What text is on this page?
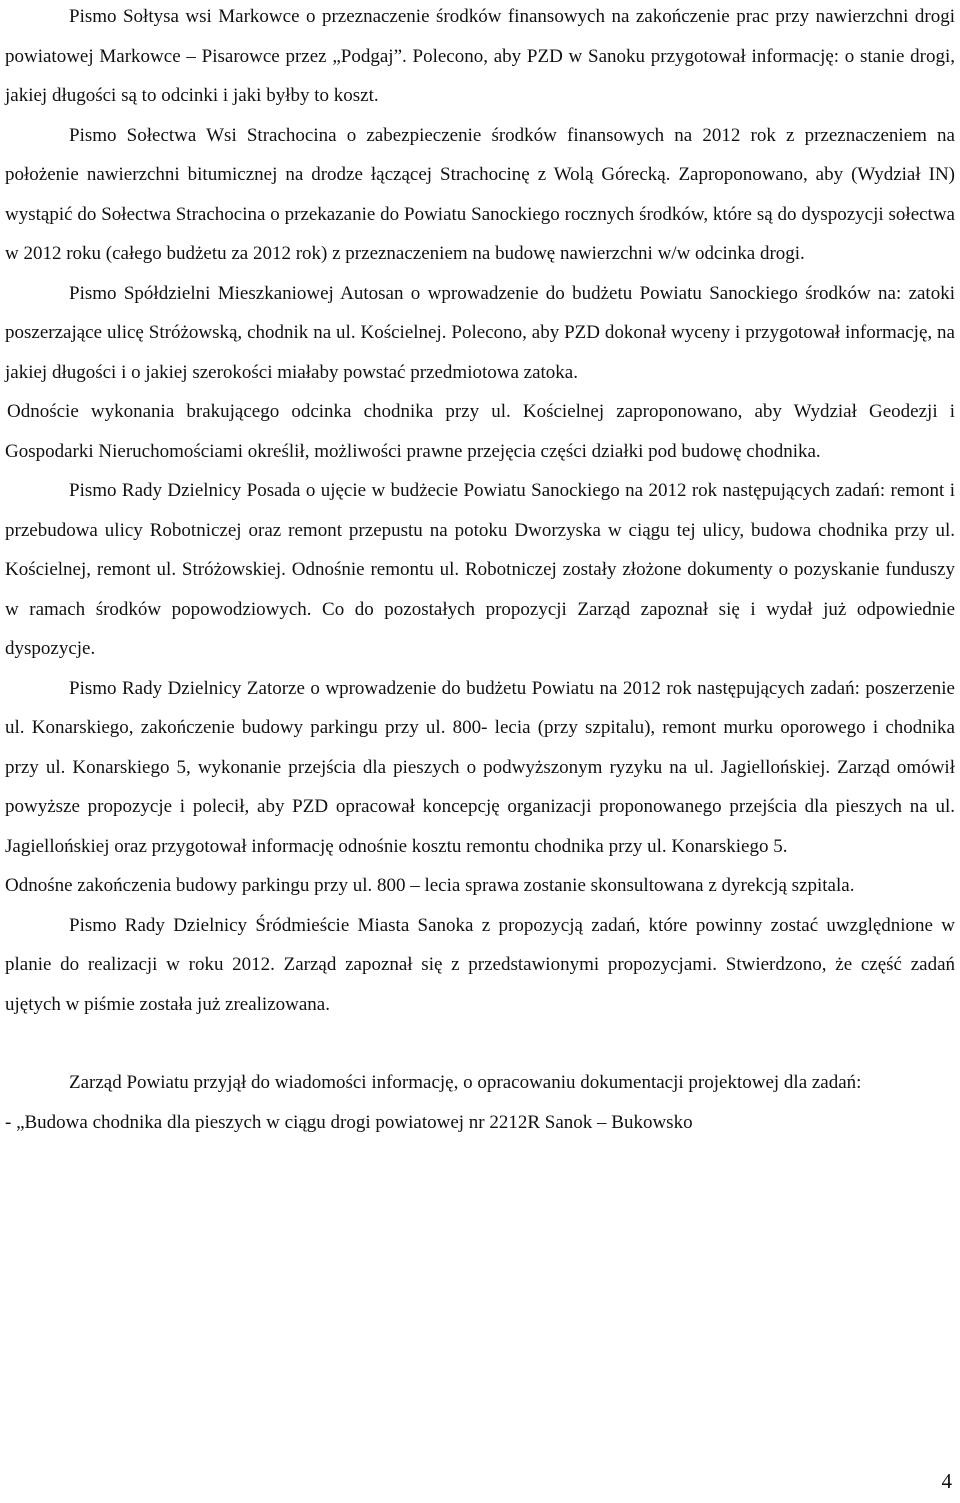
Pismo Sołtysa wsi Markowce o przeznaczenie środków finansowych na zakończenie prac przy nawierzchni drogi powiatowej Markowce – Pisarowce przez „Podgaj”. Polecono, aby PZD w Sanoku przygotował informację: o stanie drogi, jakiej długości są to odcinki i jaki byłby to koszt.

Pismo Sołectwa Wsi Strachocina o zabezpieczenie środków finansowych na 2012 rok z przeznaczeniem na położenie nawierzchni bitumicznej na drodze łączącej Strachocinę z Wolą Górecką. Zaproponowano, aby (Wydział IN) wystąpić do Sołectwa Strachocina o przekazanie do Powiatu Sanockiego rocznych środków, które są do dyspozycji sołectwa w 2012 roku (całego budżetu za 2012 rok) z przeznaczeniem na budowę nawierzchni w/w odcinka drogi.

Pismo Spółdzielni Mieszkaniowej Autosan o wprowadzenie do budżetu Powiatu Sanockiego środków na: zatoki poszerzające ulicę Stróżowską, chodnik na ul. Kościelnej. Polecono, aby PZD dokonał wyceny i przygotował informację, na jakiej długości i o jakiej szerokości miałaby powstać przedmiotowa zatoka.

Odnoście wykonania brakującego odcinka chodnika przy ul. Kościelnej zaproponowano, aby Wydział Geodezji i Gospodarki Nieruchomościami określił, możliwości prawne przejęcia części działki pod budowę chodnika.

Pismo Rady Dzielnicy Posada o ujęcie w budżecie Powiatu Sanockiego na 2012 rok następujących zadań: remont i przebudowa ulicy Robotniczej oraz remont przepustu na potoku Dworzyska w ciągu tej ulicy, budowa chodnika przy ul. Kościelnej, remont ul. Stróżowskiej. Odnośnie remontu ul. Robotniczej zostały złożone dokumenty o pozyskanie funduszy w ramach środków popowodziowych. Co do pozostałych propozycji Zarząd zapoznał się i wydał już odpowiednie dyspozycje.

Pismo Rady Dzielnicy Zatorze o wprowadzenie do budżetu Powiatu na 2012 rok następujących zadań: poszerzenie ul. Konarskiego, zakończenie budowy parkingu przy ul. 800- lecia (przy szpitalu), remont murku oporowego i chodnika przy ul. Konarskiego 5, wykonanie przejścia dla pieszych o podwyższonym ryzyku na ul. Jagiellońskiej. Zarząd omówił powyższe propozycje i polecił, aby PZD opracował koncepcję organizacji proponowanego przejścia dla pieszych na ul. Jagiellońskiej oraz przygotował informację odnośnie kosztu remontu chodnika przy ul. Konarskiego 5.

Odnośne zakończenia budowy parkingu przy ul. 800 – lecia sprawa zostanie skonsultowana z dyrekcją szpitala.

Pismo Rady Dzielnicy Śródmieście Miasta Sanoka z propozycją zadań, które powinny zostać uwzględnione w planie do realizacji w roku 2012. Zarząd zapoznał się z przedstawionymi propozycjami. Stwierdzono, że część zadań ujętych w piśmie została już zrealizowana.

Zarząd Powiatu przyjął do wiadomości informację, o opracowaniu dokumentacji projektowej dla zadań:

- „Budowa chodnika dla pieszych w ciągu drogi powiatowej nr 2212R Sanok – Bukowsko

4
